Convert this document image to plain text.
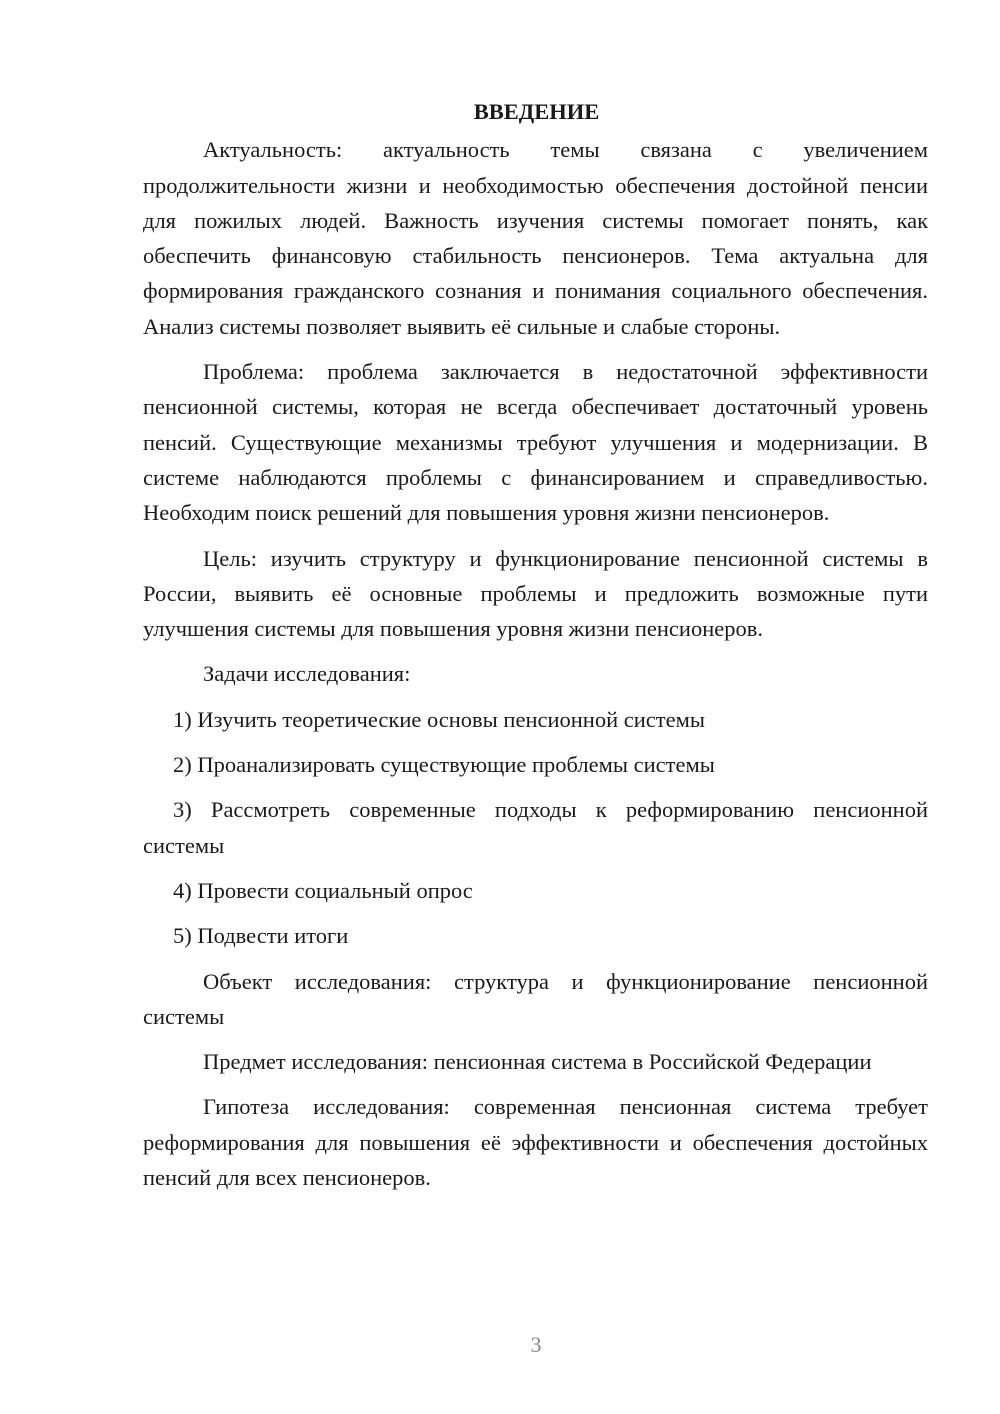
ВВЕДЕНИЕ

Актуальность: актуальность темы связана с увеличением продолжительности жизни и необходимостью обеспечения достойной пенсии для пожилых людей. Важность изучения системы помогает понять, как обеспечить финансовую стабильность пенсионеров. Тема актуальна для формирования гражданского сознания и понимания социального обеспечения. Анализ системы позволяет выявить её сильные и слабые стороны.

Проблема: проблема заключается в недостаточной эффективности пенсионной системы, которая не всегда обеспечивает достаточный уровень пенсий. Существующие механизмы требуют улучшения и модернизации. В системе наблюдаются проблемы с финансированием и справедливостью. Необходим поиск решений для повышения уровня жизни пенсионеров.

Цель: изучить структуру и функционирование пенсионной системы в России, выявить её основные проблемы и предложить возможные пути улучшения системы для повышения уровня жизни пенсионеров.

Задачи исследования:

1) Изучить теоретические основы пенсионной системы

2) Проанализировать существующие проблемы системы

3) Рассмотреть современные подходы к реформированию пенсионной системы

4) Провести социальный опрос

5) Подвести итоги

Объект исследования: структура и функционирование пенсионной системы

Предмет исследования: пенсионная система в Российской Федерации

Гипотеза исследования: современная пенсионная система требует реформирования для повышения её эффективности и обеспечения достойных пенсий для всех пенсионеров.

3
